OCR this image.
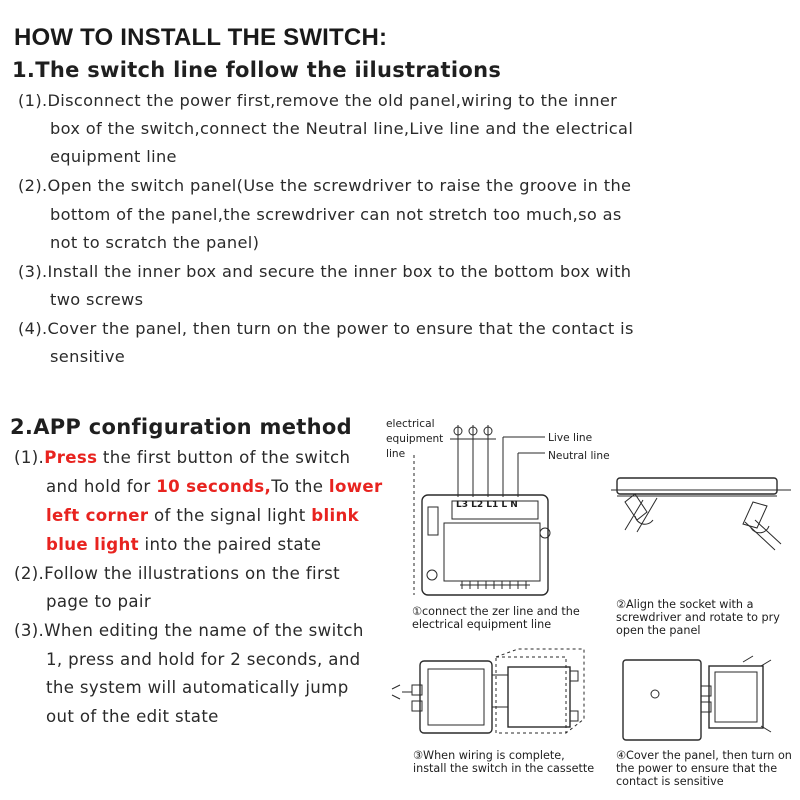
HOW TO INSTALL THE SWITCH:
1.The switch line follow the iilustrations
(1).Disconnect the power first,remove the old panel,wiring to the inner
box of the switch,connect the Neutral line,Live line and the electrical
equipment line
(2).Open the switch panel(Use the screwdriver to raise the groove in the
bottom of the panel,the screwdriver can not stretch too much,so as
not to scratch the panel)
(3).Install the inner box and secure the inner box to the bottom box with
two screws
(4).Cover the panel, then turn on the power to ensure that the contact is
sensitive
2.APP configuration method
(1).Press the first button of the switch
and hold for 10 seconds,To the lower
left corner of the signal light blink
blue light into the paired state
(2).Follow the illustrations on the first
page to pair
(3).When editing the name of the switch
1, press and hold for 2 seconds, and
the system will automatically jump
out of the edit state
electrical
equipment
line
Live line
Neutral line
L3 L2 L1 L N
①connect the zer line and the electrical equipment line
②Align the socket with a screwdriver and rotate to pry open the panel
③When wiring is complete, install the switch in the cassette
④Cover the panel, then turn on the power to ensure that the contact is sensitive
